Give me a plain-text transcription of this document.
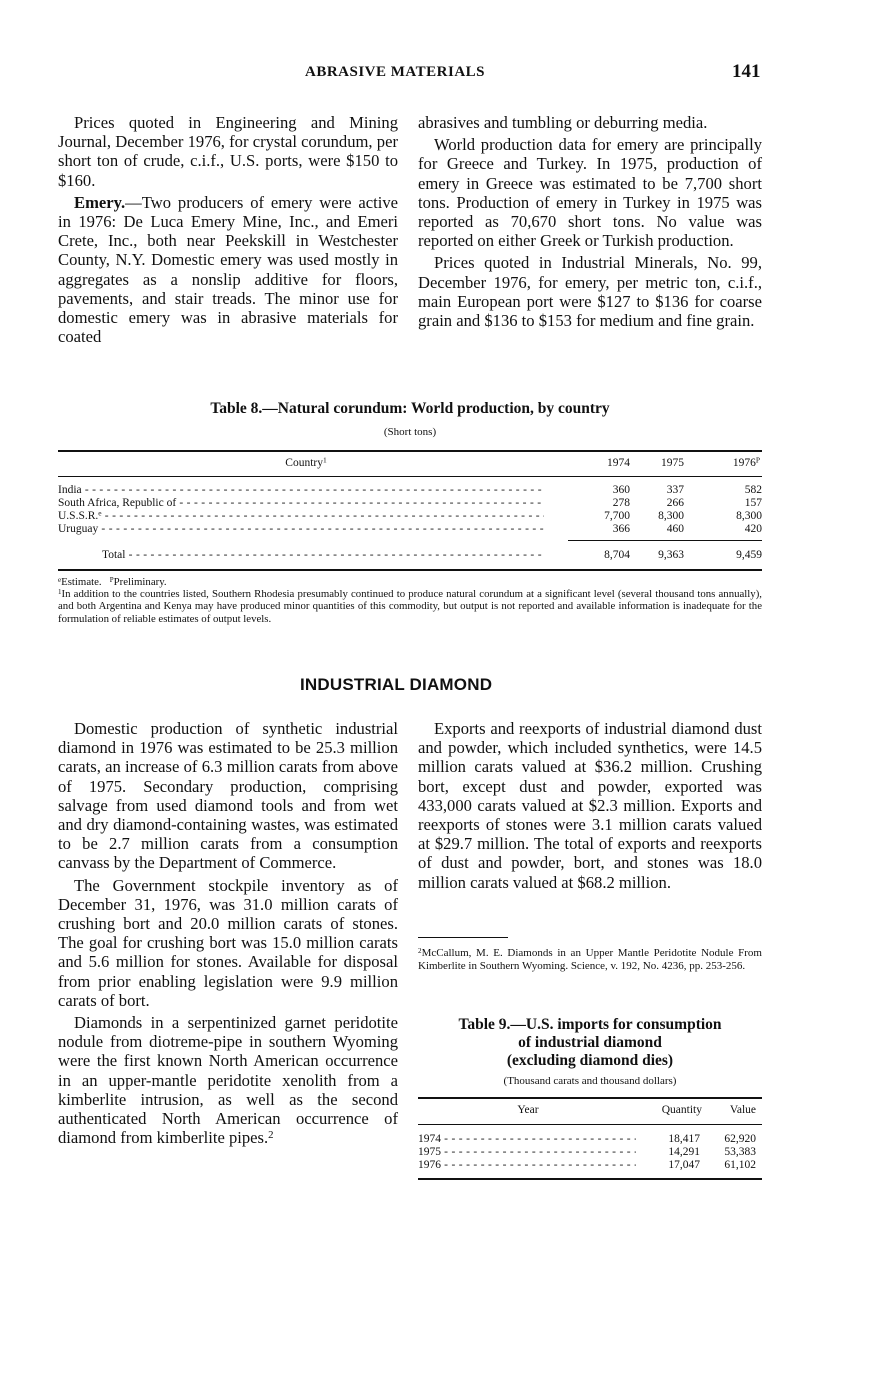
ABRASIVE MATERIALS	141

Prices quoted in Engineering and Mining Journal, December 1976, for crystal corundum, per short ton of crude, c.i.f., U.S. ports, were $150 to $160.

Emery.—Two producers of emery were active in 1976: De Luca Emery Mine, Inc., and Emeri Crete, Inc., both near Peekskill in Westchester County, N.Y. Domestic emery was used mostly in aggregates as a nonslip additive for floors, pavements, and stair treads. The minor use for domestic emery was in abrasive materials for coated

abrasives and tumbling or deburring media.

World production data for emery are principally for Greece and Turkey. In 1975, production of emery in Greece was estimated to be 7,700 short tons. Production of emery in Turkey in 1975 was reported as 70,670 short tons. No value was reported on either Greek or Turkish production.

Prices quoted in Industrial Minerals, No. 99, December 1976, for emery, per metric ton, c.i.f., main European port were $127 to $136 for coarse grain and $136 to $153 for medium and fine grain.

Table 8.—Natural corundum: World production, by country
(Short tons)
Country$^1$	1974	1975	$1976^P$
India - - -	360	337	582
South Africa, Republic of - - -	278	266	157
U.S.S.R.$^e$ - - -	7,700	8,300	8,300
Uruguay - - -	366	460	420
Total - - -	8,704	9,363	9,459

$^e$Estimate. $^P$Preliminary.

$^1$In addition to the countries listed, Southern Rhodesia presumably continued to produce natural corundum at a significant level (several thousand tons annually), and both Argentina and Kenya may have produced minor quantities of this commodity, but output is not reported and available information is inadequate for the formulation of reliable estimates of output levels.

INDUSTRIAL DIAMOND

Domestic production of synthetic industrial diamond in 1976 was estimated to be 25.3 million carats, an increase of 6.3 million carats from above of 1975. Secondary production, comprising salvage from used diamond tools and from wet and dry diamond-containing wastes, was estimated to be 2.7 million carats from a consumption canvass by the Department of Commerce.

The Government stockpile inventory as of December 31, 1976, was 31.0 million carats of crushing bort and 20.0 million carats of stones. The goal for crushing bort was 15.0 million carats and 5.6 million for stones. Available for disposal from prior enabling legislation were 9.9 million carats of bort.

Diamonds in a serpentinized garnet peridotite nodule from diotreme-pipe in southern Wyoming were the first known North American occurrence in an upper-mantle peridotite xenolith from a kimberlite intrusion, as well as the second authenticated North American occurrence of diamond from kimberlite pipes.$^2$

Exports and reexports of industrial diamond dust and powder, which included synthetics, were 14.5 million carats valued at $36.2 million. Crushing bort, except dust and powder, exported was 433,000 carats valued at $2.3 million. Exports and reexports of stones were 3.1 million carats valued at $29.7 million. The total of exports and reexports of dust and powder, bort, and stones was 18.0 million carats valued at $68.2 million.

$^2$McCallum, M. E. Diamonds in an Upper Mantle Peridotite Nodule From Kimberlite in Southern Wyoming. Science, v. 192, No. 4236, pp. 253-256.
Table 9.—U.S. imports for consumption
of industrial diamond
(excluding diamond dies)
(Thousand carats and thousand dollars)
Year	Quantity	Value
1974 - - -	18,417	62,920
1975 - - -	14,291	53,383
1976 - - -	17,047	61,102
